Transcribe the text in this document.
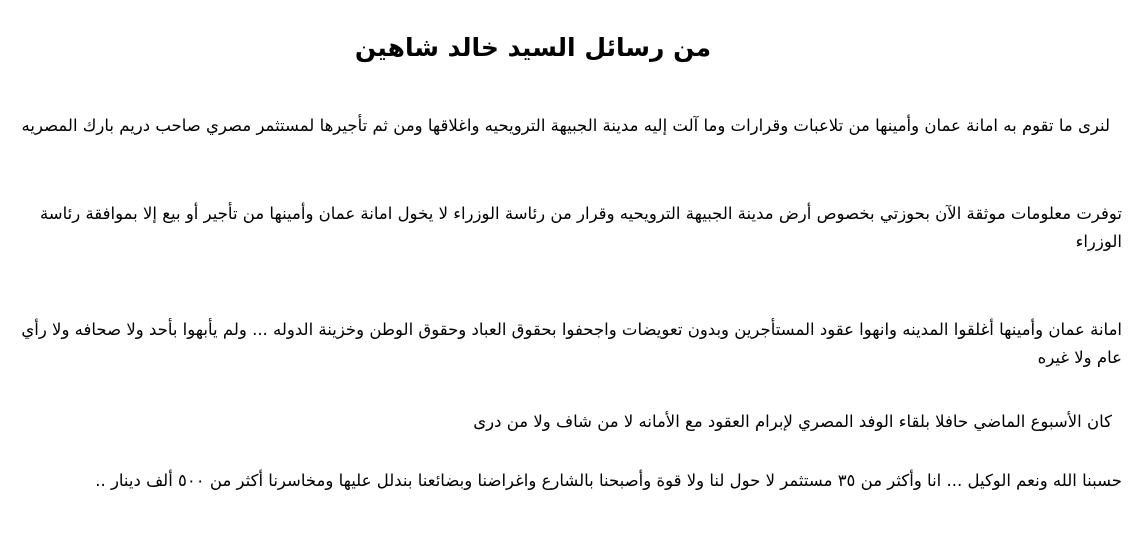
من رسائل السيد خالد شاهين

لنرى ما تقوم به امانة عمان وأمينها من تلاعبات وقرارات وما آلت إليه مدينة الجبيهة الترويحيه واغلاقها ومن ثم تأجيرها لمستثمر مصري صاحب دريم بارك المصريه

توفرت معلومات موثقة الآن بحوزتي بخصوص أرض مدينة الجبيهة الترويحيه وقرار من رئاسة الوزراء لا يخول امانة عمان وأمينها من تأجير أو بيع إلا بموافقة رئاسة الوزراء

امانة عمان وأمينها أغلقوا المدينه وانهوا عقود المستأجرين وبدون تعويضات واجحفوا بحقوق العباد وحقوق الوطن وخزينة الدوله ... ولم يأبهوا بأحد ولا صحافه ولا رأي عام ولا غيره

كان الأسبوع الماضي حافلا بلقاء الوفد المصري لإبرام العقود مع الأمانه لا من شاف ولا من درى

حسبنا الله ونعم الوكيل ... انا وأكثر من ٣٥ مستثمر لا حول لنا ولا قوة وأصبحنا بالشارع واغراضنا وبضائعنا بندلل عليها ومخاسرنا أكثر من ٥٠٠ ألف دينار ..
